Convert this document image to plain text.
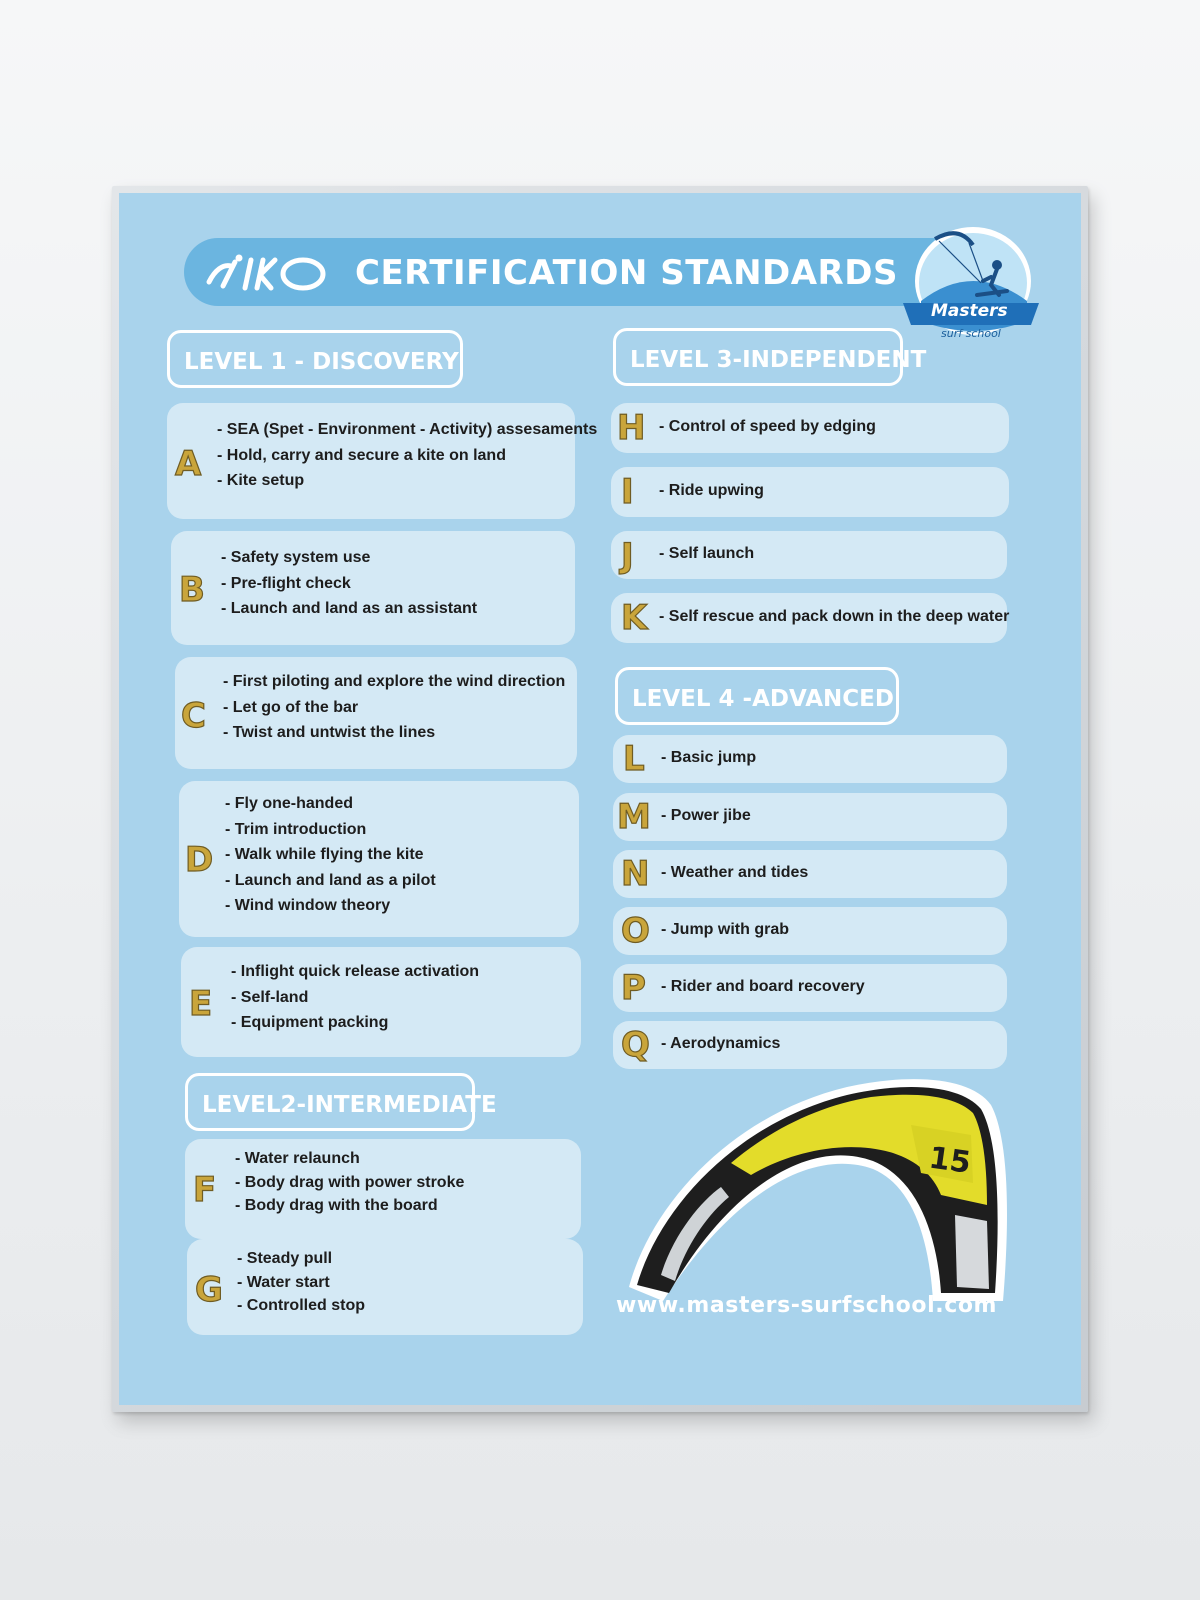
CERTIFICATION STANDARDS
Masters
surf school
LEVEL 1 - DISCOVERY
A
- SEA (Spet - Environment - Activity) assesaments
- Hold, carry and secure a kite on land
- Kite setup
B
- Safety system use
- Pre-flight check
- Launch and land as an assistant
C
- First piloting and explore the wind direction
- Let go of the bar
- Twist and untwist the lines
D
- Fly one-handed
- Trim introduction
- Walk while flying the kite
- Launch and land as a pilot
- Wind window theory
E
- Inflight quick release activation
- Self-land
- Equipment packing
LEVEL2-INTERMEDIATE
F
- Water relaunch
- Body drag with power stroke
- Body drag with the board
G
- Steady pull
- Water start
- Controlled stop
LEVEL 3-INDEPENDENT
H - Control of speed by edging
I - Ride upwing
J - Self launch
K - Self rescue and pack down in the deep water
LEVEL 4 -ADVANCED
L - Basic jump
M - Power jibe
N - Weather and tides
O - Jump with grab
P - Rider and board recovery
Q - Aerodynamics
15
www.masters-surfschool.com
